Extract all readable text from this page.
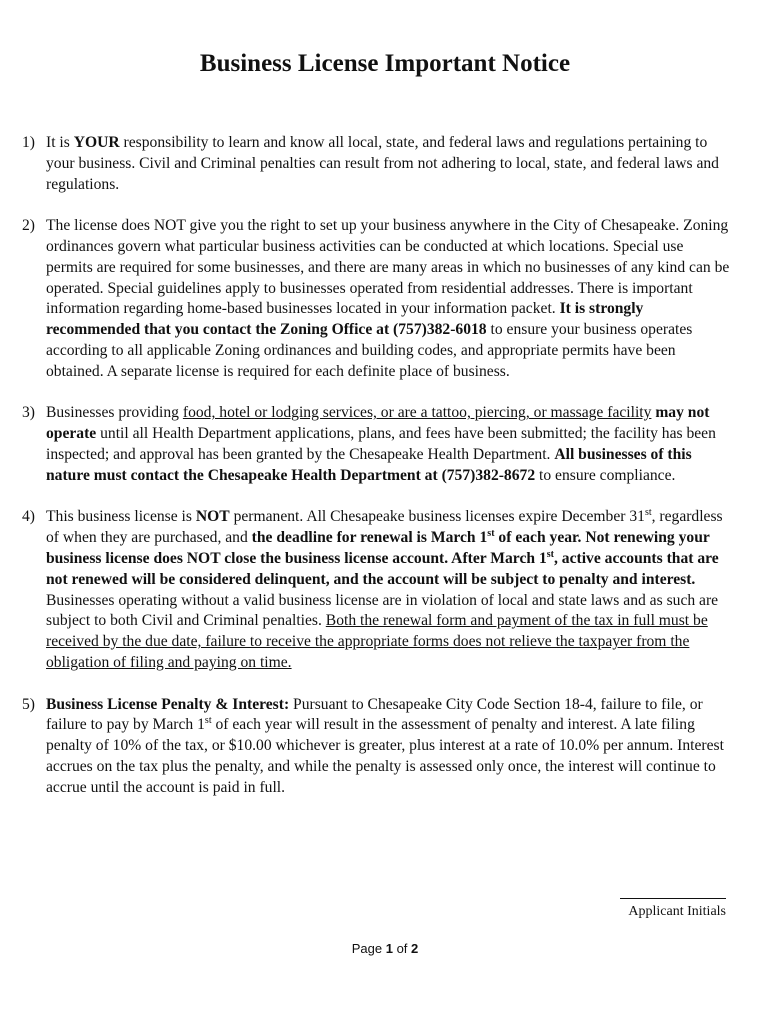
Business License Important Notice
1) It is YOUR responsibility to learn and know all local, state, and federal laws and regulations pertaining to your business. Civil and Criminal penalties can result from not adhering to local, state, and federal laws and regulations.
2) The license does NOT give you the right to set up your business anywhere in the City of Chesapeake. Zoning ordinances govern what particular business activities can be conducted at which locations. Special use permits are required for some businesses, and there are many areas in which no businesses of any kind can be operated. Special guidelines apply to businesses operated from residential addresses. There is important information regarding home-based businesses located in your information packet. It is strongly recommended that you contact the Zoning Office at (757)382-6018 to ensure your business operates according to all applicable Zoning ordinances and building codes, and appropriate permits have been obtained. A separate license is required for each definite place of business.
3) Businesses providing food, hotel or lodging services, or are a tattoo, piercing, or massage facility may not operate until all Health Department applications, plans, and fees have been submitted; the facility has been inspected; and approval has been granted by the Chesapeake Health Department. All businesses of this nature must contact the Chesapeake Health Department at (757)382-8672 to ensure compliance.
4) This business license is NOT permanent. All Chesapeake business licenses expire December 31st, regardless of when they are purchased, and the deadline for renewal is March 1st of each year. Not renewing your business license does NOT close the business license account. After March 1st, active accounts that are not renewed will be considered delinquent, and the account will be subject to penalty and interest. Businesses operating without a valid business license are in violation of local and state laws and as such are subject to both Civil and Criminal penalties. Both the renewal form and payment of the tax in full must be received by the due date, failure to receive the appropriate forms does not relieve the taxpayer from the obligation of filing and paying on time.
5) Business License Penalty & Interest: Pursuant to Chesapeake City Code Section 18-4, failure to file, or failure to pay by March 1st of each year will result in the assessment of penalty and interest. A late filing penalty of 10% of the tax, or $10.00 whichever is greater, plus interest at a rate of 10.0% per annum. Interest accrues on the tax plus the penalty, and while the penalty is assessed only once, the interest will continue to accrue until the account is paid in full.
Applicant Initials
Page 1 of 2
